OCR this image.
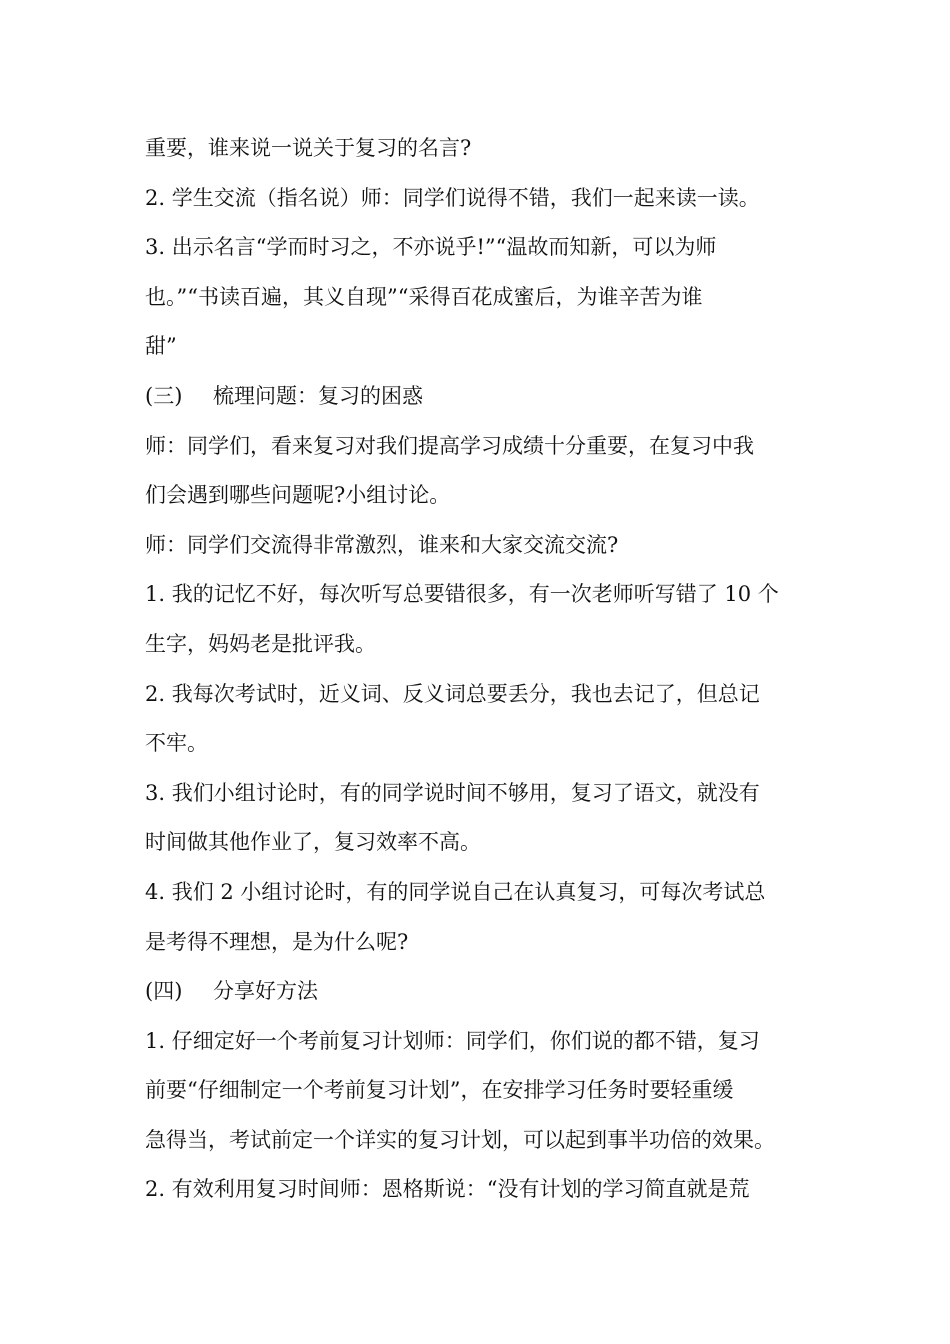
重要，谁来说一说关于复习的名言?
2. 学生交流（指名说）师：同学们说得不错，我们一起来读一读。
3. 出示名言“学而时习之，不亦说乎!”“温故而知新，可以为师
也。”“书读百遍，其义自现”“采得百花成蜜后，为谁辛苦为谁
甜”
(三)	梳理问题：复习的困惑
师：同学们，看来复习对我们提高学习成绩十分重要，在复习中我
们会遇到哪些问题呢?小组讨论。
师：同学们交流得非常激烈，谁来和大家交流交流?
1. 我的记忆不好，每次听写总要错很多，有一次老师听写错了 10 个
生字，妈妈老是批评我。
2. 我每次考试时，近义词、反义词总要丢分，我也去记了，但总记
不牢。
3. 我们小组讨论时，有的同学说时间不够用，复习了语文，就没有
时间做其他作业了，复习效率不高。
4. 我们 2 小组讨论时，有的同学说自己在认真复习，可每次考试总
是考得不理想，是为什么呢?
(四)	分享好方法
1. 仔细定好一个考前复习计划师：同学们，你们说的都不错，复习
前要“仔细制定一个考前复习计划”，在安排学习任务时要轻重缓
急得当，考试前定一个详实的复习计划，可以起到事半功倍的效果。
2. 有效利用复习时间师：恩格斯说：“没有计划的学习简直就是荒
